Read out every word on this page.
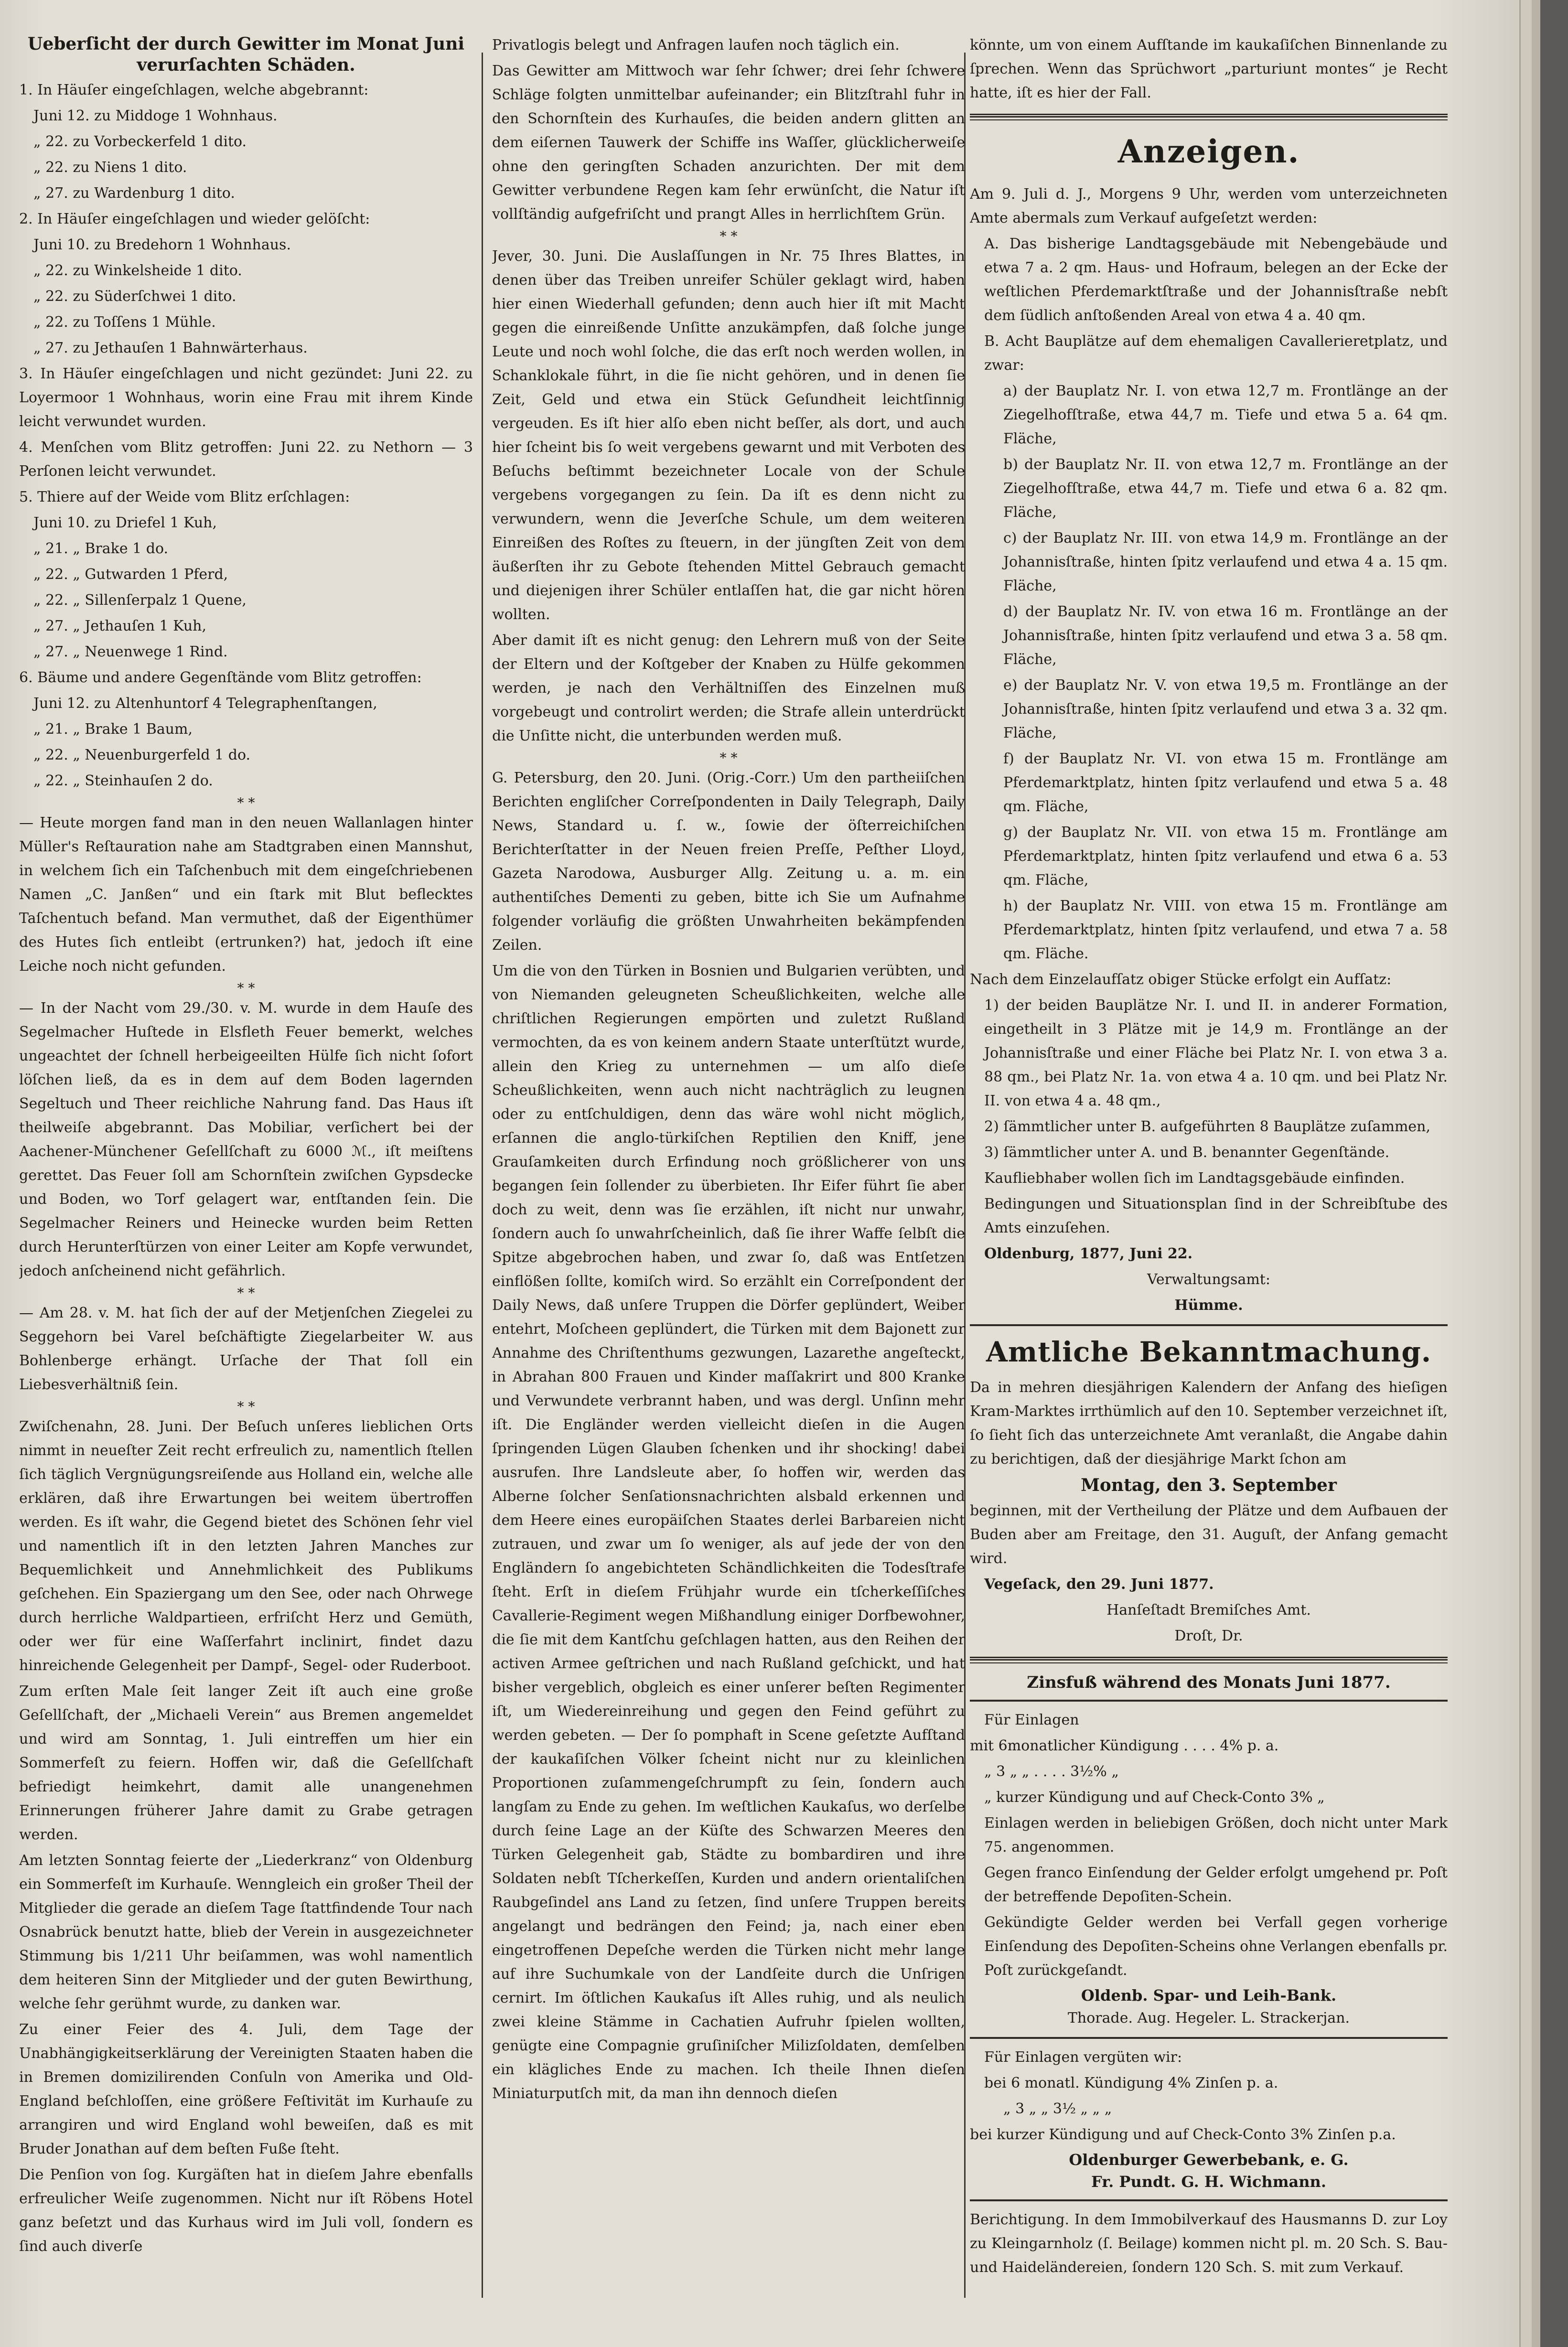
Ueberſicht der durch Gewitter im Monat Juni verurſachten Schäden.

1. In Häuſer eingeſchlagen, welche abgebrannt:

Juni 12. zu Middoge 1 Wohnhaus.

„ 22. zu Vorbeckerfeld 1 dito.

„ 22. zu Niens 1 dito.

„ 27. zu Wardenburg 1 dito.

2. In Häuſer eingeſchlagen und wieder gelöſcht:

Juni 10. zu Bredehorn 1 Wohnhaus.

„ 22. zu Winkelsheide 1 dito.

„ 22. zu Süderſchwei 1 dito.

„ 22. zu Toſſens 1 Mühle.

„ 27. zu Jethauſen 1 Bahnwärterhaus.

3. In Häuſer eingeſchlagen und nicht gezündet: Juni 22. zu Loyermoor 1 Wohnhaus, worin eine Frau mit ihrem Kinde leicht verwundet wurden.

4. Menſchen vom Blitz getroffen: Juni 22. zu Nethorn — 3 Perſonen leicht verwundet.

5. Thiere auf der Weide vom Blitz erſchlagen:

Juni 10. zu Driefel 1 Kuh,

„ 21. „ Brake 1 do.

„ 22. „ Gutwarden 1 Pferd,

„ 22. „ Sillenſerpalz 1 Quene,

„ 27. „ Jethauſen 1 Kuh,

„ 27. „ Neuenwege 1 Rind.

6. Bäume und andere Gegenſtände vom Blitz getroffen:

Juni 12. zu Altenhuntorf 4 Telegraphenſtangen,

„ 21. „ Brake 1 Baum,

„ 22. „ Neuenburgerfeld 1 do.

„ 22. „ Steinhauſen 2 do.

* *

— Heute morgen fand man in den neuen Wallanlagen hinter Müller's Reſtauration nahe am Stadtgraben einen Mannshut, in welchem ſich ein Taſchenbuch mit dem eingeſchriebenen Namen „C. Janßen“ und ein ſtark mit Blut beflecktes Taſchentuch befand. Man vermuthet, daß der Eigenthümer des Hutes ſich entleibt (ertrunken?) hat, jedoch iſt eine Leiche noch nicht gefunden.

* *

— In der Nacht vom 29./30. v. M. wurde in dem Hauſe des Segelmacher Huſtede in Elsfleth Feuer bemerkt, welches ungeachtet der ſchnell herbeigeeilten Hülfe ſich nicht ſofort löſchen ließ, da es in dem auf dem Boden lagernden Segeltuch und Theer reichliche Nahrung fand. Das Haus iſt theilweiſe abgebrannt. Das Mobiliar, verſichert bei der Aachener-Münchener Geſellſchaft zu 6000 ℳ., iſt meiſtens gerettet. Das Feuer ſoll am Schornſtein zwiſchen Gypsdecke und Boden, wo Torf gelagert war, entſtanden ſein. Die Segelmacher Reiners und Heinecke wurden beim Retten durch Herunterſtürzen von einer Leiter am Kopfe verwundet, jedoch anſcheinend nicht gefährlich.

* *

— Am 28. v. M. hat ſich der auf der Metjenſchen Ziegelei zu Seggehorn bei Varel beſchäftigte Ziegelarbeiter W. aus Bohlenberge erhängt. Urſache der That ſoll ein Liebesverhältniß ſein.

* *

Zwiſchenahn, 28. Juni. Der Beſuch unſeres lieblichen Orts nimmt in neueſter Zeit recht erfreulich zu, namentlich ſtellen ſich täglich Vergnügungsreiſende aus Holland ein, welche alle erklären, daß ihre Erwartungen bei weitem übertroffen werden. Es iſt wahr, die Gegend bietet des Schönen ſehr viel und namentlich iſt in den letzten Jahren Manches zur Bequemlichkeit und Annehmlichkeit des Publikums geſchehen. Ein Spaziergang um den See, oder nach Ohrwege durch herrliche Waldpartieen, erfriſcht Herz und Gemüth, oder wer für eine Waſſerfahrt inclinirt, findet dazu hinreichende Gelegenheit per Dampf-, Segel- oder Ruderboot.

Zum erſten Male ſeit langer Zeit iſt auch eine große Geſellſchaft, der „Michaeli Verein“ aus Bremen angemeldet und wird am Sonntag, 1. Juli eintreffen um hier ein Sommerfeſt zu feiern. Hoffen wir, daß die Geſellſchaft befriedigt heimkehrt, damit alle unangenehmen Erinnerungen früherer Jahre damit zu Grabe getragen werden.

Am letzten Sonntag feierte der „Liederkranz“ von Oldenburg ein Sommerfeſt im Kurhauſe. Wenngleich ein großer Theil der Mitglieder die gerade an dieſem Tage ſtattfindende Tour nach Osnabrück benutzt hatte, blieb der Verein in ausgezeichneter Stimmung bis 1/211 Uhr beiſammen, was wohl namentlich dem heiteren Sinn der Mitglieder und der guten Bewirthung, welche ſehr gerühmt wurde, zu danken war.

Zu einer Feier des 4. Juli, dem Tage der Unabhängigkeitserklärung der Vereinigten Staaten haben die in Bremen domizilirenden Conſuln von Amerika und Old-England beſchloſſen, eine größere Feſtivität im Kurhauſe zu arrangiren und wird England wohl beweiſen, daß es mit Bruder Jonathan auf dem beſten Fuße ſteht.

Die Penſion von ſog. Kurgäſten hat in dieſem Jahre ebenfalls erfreulicher Weiſe zugenommen. Nicht nur iſt Röbens Hotel ganz beſetzt und das Kurhaus wird im Juli voll, ſondern es ſind auch diverſe

Privatlogis belegt und Anfragen laufen noch täglich ein.

Das Gewitter am Mittwoch war ſehr ſchwer; drei ſehr ſchwere Schläge folgten unmittelbar aufeinander; ein Blitzſtrahl fuhr in den Schornſtein des Kurhauſes, die beiden andern glitten an dem eiſernen Tauwerk der Schiffe ins Waſſer, glücklicherweiſe ohne den geringſten Schaden anzurichten. Der mit dem Gewitter verbundene Regen kam ſehr erwünſcht, die Natur iſt vollſtändig aufgefriſcht und prangt Alles in herrlichſtem Grün.

* *

Jever, 30. Juni. Die Auslaſſungen in Nr. 75 Ihres Blattes, in denen über das Treiben unreifer Schüler geklagt wird, haben hier einen Wiederhall gefunden; denn auch hier iſt mit Macht gegen die einreißende Unſitte anzukämpfen, daß ſolche junge Leute und noch wohl ſolche, die das erſt noch werden wollen, in Schanklokale führt, in die ſie nicht gehören, und in denen ſie Zeit, Geld und etwa ein Stück Geſundheit leichtſinnig vergeuden. Es iſt hier alſo eben nicht beſſer, als dort, und auch hier ſcheint bis ſo weit vergebens gewarnt und mit Verboten des Beſuchs beſtimmt bezeichneter Locale von der Schule vergebens vorgegangen zu ſein. Da iſt es denn nicht zu verwundern, wenn die Jeverſche Schule, um dem weiteren Einreißen des Roſtes zu ſteuern, in der jüngſten Zeit von dem äußerſten ihr zu Gebote ſtehenden Mittel Gebrauch gemacht und diejenigen ihrer Schüler entlaſſen hat, die gar nicht hören wollten.

Aber damit iſt es nicht genug: den Lehrern muß von der Seite der Eltern und der Koſtgeber der Knaben zu Hülfe gekommen werden, je nach den Verhältniſſen des Einzelnen muß vorgebeugt und controlirt werden; die Strafe allein unterdrückt die Unſitte nicht, die unterbunden werden muß.

* *

G. Petersburg, den 20. Juni. (Orig.-Corr.) Um den partheiiſchen Berichten engliſcher Correſpondenten in Daily Telegraph, Daily News, Standard u. ſ. w., ſowie der öſterreichiſchen Berichterſtatter in der Neuen freien Preſſe, Peſther Lloyd, Gazeta Narodowa, Ausburger Allg. Zeitung u. a. m. ein authentiſches Dementi zu geben, bitte ich Sie um Aufnahme folgender vorläufig die größten Unwahrheiten bekämpfenden Zeilen.

Um die von den Türken in Bosnien und Bulgarien verübten, und von Niemanden geleugneten Scheußlichkeiten, welche alle chriſtlichen Regierungen empörten und zuletzt Rußland vermochten, da es von keinem andern Staate unterſtützt wurde, allein den Krieg zu unternehmen — um alſo dieſe Scheußlichkeiten, wenn auch nicht nachträglich zu leugnen oder zu entſchuldigen, denn das wäre wohl nicht möglich, erſannen die anglo-türkiſchen Reptilien den Kniff, jene Grauſamkeiten durch Erfindung noch größlicherer von uns begangen ſein ſollender zu überbieten. Ihr Eifer führt ſie aber doch zu weit, denn was ſie erzählen, iſt nicht nur unwahr, ſondern auch ſo unwahrſcheinlich, daß ſie ihrer Waffe ſelbſt die Spitze abgebrochen haben, und zwar ſo, daß was Entſetzen einflößen ſollte, komiſch wird. So erzählt ein Correſpondent der Daily News, daß unſere Truppen die Dörfer geplündert, Weiber entehrt, Moſcheen geplündert, die Türken mit dem Bajonett zur Annahme des Chriſtenthums gezwungen, Lazarethe angeſteckt, in Abrahan 800 Frauen und Kinder maſſakrirt und 800 Kranke und Verwundete verbrannt haben, und was dergl. Unſinn mehr iſt. Die Engländer werden vielleicht dieſen in die Augen ſpringenden Lügen Glauben ſchenken und ihr shocking! dabei ausrufen. Ihre Landsleute aber, ſo hoffen wir, werden das Alberne ſolcher Senſationsnachrichten alsbald erkennen und dem Heere eines europäiſchen Staates derlei Barbareien nicht zutrauen, und zwar um ſo weniger, als auf jede der von den Engländern ſo angebichteten Schändlichkeiten die Todesſtrafe ſteht. Erſt in dieſem Frühjahr wurde ein tſcherkeſſiſches Cavallerie-Regiment wegen Mißhandlung einiger Dorfbewohner, die ſie mit dem Kantſchu geſchlagen hatten, aus den Reihen der activen Armee geſtrichen und nach Rußland geſchickt, und hat bisher vergeblich, obgleich es einer unſerer beſten Regimenter iſt, um Wiedereinreihung und gegen den Feind geführt zu werden gebeten. — Der ſo pomphaft in Scene geſetzte Aufſtand der kaukaſiſchen Völker ſcheint nicht nur zu kleinlichen Proportionen zuſammengeſchrumpft zu ſein, ſondern auch langſam zu Ende zu gehen. Im weſtlichen Kaukaſus, wo derſelbe durch ſeine Lage an der Küſte des Schwarzen Meeres den Türken Gelegenheit gab, Städte zu bombardiren und ihre Soldaten nebſt Tſcherkeſſen, Kurden und andern orientaliſchen Raubgeſindel ans Land zu ſetzen, ſind unſere Truppen bereits angelangt und bedrängen den Feind; ja, nach einer eben eingetroffenen Depeſche werden die Türken nicht mehr lange auf ihre Suchumkale von der Landſeite durch die Unſrigen cernirt. Im öſtlichen Kaukaſus iſt Alles ruhig, und als neulich zwei kleine Stämme in Cachatien Aufruhr ſpielen wollten, genügte eine Compagnie gruſiniſcher Milizſoldaten, demſelben ein klägliches Ende zu machen. Ich theile Ihnen dieſen Miniaturputſch mit, da man ihn dennoch dieſen

könnte, um von einem Aufſtande im kaukaſiſchen Binnenlande zu ſprechen. Wenn das Sprüchwort „parturiunt montes“ je Recht hatte, iſt es hier der Fall.

Anzeigen.

Am 9. Juli d. J., Morgens 9 Uhr, werden vom unterzeichneten Amte abermals zum Verkauf aufgeſetzt werden:

A. Das bisherige Landtagsgebäude mit Nebengebäude und etwa 7 a. 2 qm. Haus- und Hofraum, belegen an der Ecke der weſtlichen Pferdemarktſtraße und der Johannisſtraße nebſt dem ſüdlich anſtoßenden Areal von etwa 4 a. 40 qm.

B. Acht Bauplätze auf dem ehemaligen Cavallerieretplatz, und zwar:

a) der Bauplatz Nr. I. von etwa 12,7 m. Frontlänge an der Ziegelhofſtraße, etwa 44,7 m. Tiefe und etwa 5 a. 64 qm. Fläche,

b) der Bauplatz Nr. II. von etwa 12,7 m. Frontlänge an der Ziegelhofſtraße, etwa 44,7 m. Tiefe und etwa 6 a. 82 qm. Fläche,

c) der Bauplatz Nr. III. von etwa 14,9 m. Frontlänge an der Johannisſtraße, hinten ſpitz verlaufend und etwa 4 a. 15 qm. Fläche,

d) der Bauplatz Nr. IV. von etwa 16 m. Frontlänge an der Johannisſtraße, hinten ſpitz verlaufend und etwa 3 a. 58 qm. Fläche,

e) der Bauplatz Nr. V. von etwa 19,5 m. Frontlänge an der Johannisſtraße, hinten ſpitz verlaufend und etwa 3 a. 32 qm. Fläche,

f) der Bauplatz Nr. VI. von etwa 15 m. Frontlänge am Pferdemarktplatz, hinten ſpitz verlaufend und etwa 5 a. 48 qm. Fläche,

g) der Bauplatz Nr. VII. von etwa 15 m. Frontlänge am Pferdemarktplatz, hinten ſpitz verlaufend und etwa 6 a. 53 qm. Fläche,

h) der Bauplatz Nr. VIII. von etwa 15 m. Frontlänge am Pferdemarktplatz, hinten ſpitz verlaufend, und etwa 7 a. 58 qm. Fläche.

Nach dem Einzelaufſatz obiger Stücke erfolgt ein Aufſatz:

1) der beiden Bauplätze Nr. I. und II. in anderer Formation, eingetheilt in 3 Plätze mit je 14,9 m. Frontlänge an der Johannisſtraße und einer Fläche bei Platz Nr. I. von etwa 3 a. 88 qm., bei Platz Nr. 1a. von etwa 4 a. 10 qm. und bei Platz Nr. II. von etwa 4 a. 48 qm.,

2) ſämmtlicher unter B. aufgeführten 8 Bauplätze zuſammen,

3) ſämmtlicher unter A. und B. benannter Gegenſtände.

Kaufliebhaber wollen ſich im Landtagsgebäude einfinden.

Bedingungen und Situationsplan ſind in der Schreibſtube des Amts einzuſehen.

Oldenburg, 1877, Juni 22.

Verwaltungsamt:

Hümme.

Amtliche Bekanntmachung.

Da in mehren diesjährigen Kalendern der Anfang des hieſigen Kram-Marktes irrthümlich auf den 10. September verzeichnet iſt, ſo ſieht ſich das unterzeichnete Amt veranlaßt, die Angabe dahin zu berichtigen, daß der diesjährige Markt ſchon am

Montag, den 3. September

beginnen, mit der Vertheilung der Plätze und dem Aufbauen der Buden aber am Freitage, den 31. Auguſt, der Anfang gemacht wird.

Vegeſack, den 29. Juni 1877.

Hanſeſtadt Bremiſches Amt.

Droſt, Dr.

Zinsfuß während des Monats Juni 1877.

Für Einlagen

mit 6monatlicher Kündigung . . . . 4% p. a.

„ 3 „ „ . . . . 3½% „

„ kurzer Kündigung und auf Check-Conto 3% „

Einlagen werden in beliebigen Größen, doch nicht unter Mark 75. angenommen.

Gegen franco Einſendung der Gelder erfolgt umgehend pr. Poſt der betreffende Depoſiten-Schein.

Gekündigte Gelder werden bei Verfall gegen vorherige Einſendung des Depoſiten-Scheins ohne Verlangen ebenfalls pr. Poſt zurückgeſandt.

Oldenb. Spar- und Leih-Bank.

Thorade. Aug. Hegeler. L. Strackerjan.

Für Einlagen vergüten wir:

bei 6 monatl. Kündigung 4% Zinſen p. a.

„ 3 „ „ 3½ „ „ „

bei kurzer Kündigung und auf Check-Conto 3% Zinſen p.a.

Oldenburger Gewerbebank, e. G.

Fr. Pundt. G. H. Wichmann.

Berichtigung. In dem Immobilverkauf des Hausmanns D. zur Loy zu Kleingarnholz (ſ. Beilage) kommen nicht pl. m. 20 Sch. S. Bau- und Haideländereien, ſondern 120 Sch. S. mit zum Verkauf.
